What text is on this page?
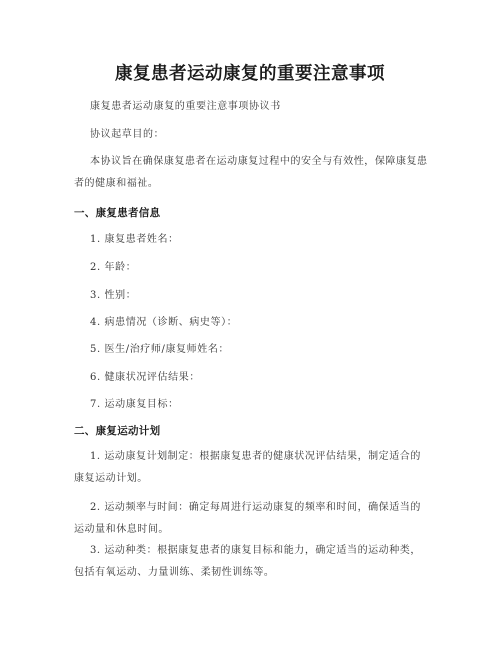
康复患者运动康复的重要注意事项
康复患者运动康复的重要注意事项协议书
协议起草目的：
本协议旨在确保康复患者在运动康复过程中的安全与有效性，保障康复患者的健康和福祉。
一、康复患者信息
1. 康复患者姓名：
2. 年龄：
3. 性别：
4. 病患情况（诊断、病史等）：
5. 医生/治疗师/康复师姓名：
6. 健康状况评估结果：
7. 运动康复目标：
二、康复运动计划
1. 运动康复计划制定：根据康复患者的健康状况评估结果，制定适合的康复运动计划。
2. 运动频率与时间：确定每周进行运动康复的频率和时间，确保适当的运动量和休息时间。
3. 运动种类：根据康复患者的康复目标和能力，确定适当的运动种类，包括有氧运动、力量训练、柔韧性训练等。
